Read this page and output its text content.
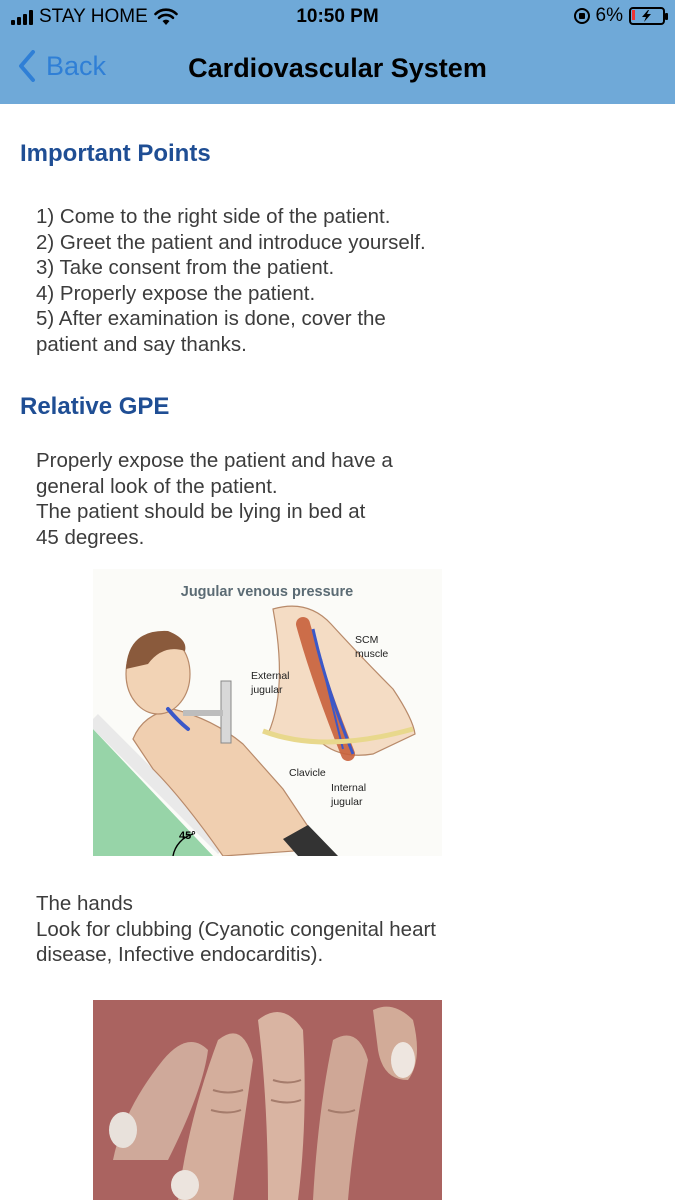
STAY HOME	10:50 PM	6%
Back	Cardiovascular System
Important Points
1) Come to the right side of the patient.
2) Greet the patient and introduce yourself.
3) Take consent from the patient.
4) Properly expose the patient.
5) After examination is done, cover the
patient and say thanks.
Relative GPE
Properly expose the patient and have a
general look of the patient.
The patient should be lying in bed at
45 degrees.
Jugular venous pressure
45°
SCM
muscle
External
jugular
Clavicle
Internal
jugular
The hands
Look for clubbing (Cyanotic congenital heart
disease, Infective endocarditis).
